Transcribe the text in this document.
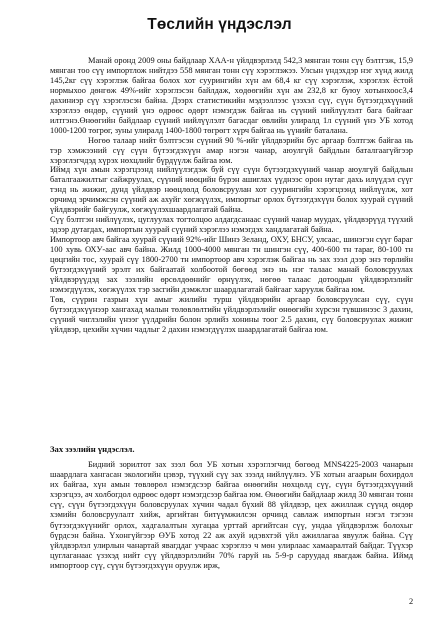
Төслийн үндэслэл

Манай оронд 2009 оны байдлаар ХАА-н үйлдвэрлэлд 542,3 мянган тонн сүү бэлтгэж, 15,9 мянган тоо сүү импортлож нийтдээ 558 мянган тонн сүү хэрэглэжээ. Улсын үндэхдэр нэг хүнд жилд 145,2кг сүү хэрэглэж байгаа болох хот суурингийн хүн ам 68,4 кг сүү хэрэглэж, хэрэглэх ёстой нормыхоо дөнгөж 49%-ийг хэрэглэсэн байлдаж, хөдөөгийн хүн ам 232,8 кг буюу хотынхоос3,4 дахиниэр сүү хэрэглэсэн байна. Дээрх статистикийн мэдээллээс үзэхэл сүү, сүүн бүтээгдэхүүний хэрэглээ өндөр, сүүний үнэ өдрөөс өдөрт нэмэгдэж байгаа нь сүүний нийлүүлэлт бага байгааг илтгэнэ.Өнөөгийн байдлаар сүүний нийлүүлэлт багасдаг өвлийн улиралд 1л сүүний үнэ УБ хотод 1000-1200 төгрөг, зуны улиралд 1400-1800 төгрөгт хүрч байгаа нь үүнийг баталана.

Нөгөө талаар нийт бэлтгэсэн сүүний 90 %-ийг үйлдвэрийн бус аргаар бэлтгэж байгаа нь тэр хэмжээний сүү сүүн бүтээгдэхүүн амар нэгэн чанар, аюулгүй байдлын баталгаагүйгээр хэрэглэгчдэд хүрэх нөхцлийг бүрдүүлж байгаа юм.

Иймд хүн амын хэрэгцээнд нийлүүлэгдэж буй сүү сүүн бүтээгдэхүүний чанар аюулгүй байдлын баталгаажилтыг сайжруулах, сүүний нөөцийн бүрэн ашиглах үүднээс орон нутаг дахь илүүдэл сүүг тэнд нь жижиг, дунд үйлдвэр нөөцлөлд боловсруулан хот суурингийн хэрэгцээнд нийлүүлж, хот орчимд эрчимжсэн сүүний аж ахуйг хөгжүүлэх, импортыг орлох бүтээгдэхүүн болох хуурай сүүний үйлдвэрийг байгуулж, хөгжүүлэхшаардлагатай байна.

Сүү бэлтгэн нийлүүлэх, цуглуулах тогтолцоо алдагдсанаас сүүний чанар муудах, үйлдвэрүүд түүхий эдээр дутагдах, импортын хуурай сүүний хэрэглээ нэмэгдэх хандлагатай байна.

Импортоор авч байгаа хуурай сүүний 92%-ийг Шинэ Зеланд, ОХУ, БНСУ, улсаас, шинэгэн сүүг бараг 100 хувь ОХУ-аас авч байна. Жилд 1000-4000 мянган тн шингэн сүү, 400-600 тн тараг, 80-100 тн цөцгийн тос, хуурай сүү 1800-2700 тн импортоор авч хэрэглэж байгаа нь зах зээл дээр энэ төрлийн бүтээгдэхүүний эрэлт их байгаатай холбоотой бөгөөд энэ нь нэг талаас манай боловсруулах үйлдвэрүүдэд зах зээлийн өрсөлдөөнийг өрнүүлэх, нөгөө талаас дотоодын үйлдвэрлэлийг нэмэгдүүлэх, хөгжүүлэх тэр засгийн дэмжлэг шаардлагатай байгааг харуулж байгаа юм.

Төв, сүүрин газрын хүн амыг жилийн турш үйлдвэрийн аргаар боловсруулсан сүү, сүүн бүтээгдэхүүнээр хангахад малын төлөвлөлтийн үйлдвэрлэлийг өнөөгийн хүрсэн түвшинээс 3 дахин, сүүний чиглэлийн үнээг үүлдрийн болон эрлийз хонины тоог 2.5 дахин, сүү боловсруулах жижиг үйлдвэр, цехийн хүчин чадлыг 2 дахин нэмэгдүүлэх шаардлагатай байгаа юм.

Зах зээлийн үндэслэл.

Бидний зорилтот зах зээл бол УБ хотын хэрэглэгчид бөгөөд MNS4225-2003 чанарын шаардлага хангасан экологийн цэвэр, түүхий сүү зах зээлд нийлүүлнэ. УБ хотын агаарын бохирдол их байгаа, хүн амын төвлөрөл нэмэгдсээр байгаа өнөөгийн нөхцөлд сүү, сүүн бүтээгдэхүүний хэрэгцээ, ач холбогдол өдрөөс өдөрт нэмэгдсээр байгаа юм. Өнөөгийн байдлаар жилд 30 мянган тонн сүү, сүүн бүтээгдэхүүн боловсруулах хүчин чадал бүхий 88 үйлдвэр, цех ажиллаж сүүнд өндөр хэмийн боловсруулалт хийж, аргийтан битүүмжилсэн орчинд савлаж импортын нэгэл тэгээн бүтээгдэхүүнийг орлох, хадгалалтын хугацаа урттай аргийтсан сүү, ундаа үйлдвэрлэж болохыг бүрдсэн байна. Үхонгүйгээр ӨУБ хотод 22 аж ахуй идэвхтэй үйл ажиллагаа явуулж байна. Сүү үйлдвэрлэл улирлын чанартай явагддаг учраас хэрэглээ ч мөн улирлаас хамааралтай байдаг. Түүхэр цуглаганаас үзэхэд нийт сүү үйлдвэрлэлийн 70% гаруй нь 5-9-р саруудад явагдаж байна. Иймд импортоор сүү, сүүн бүтээгдэхүүн оруулж ирж,

2
